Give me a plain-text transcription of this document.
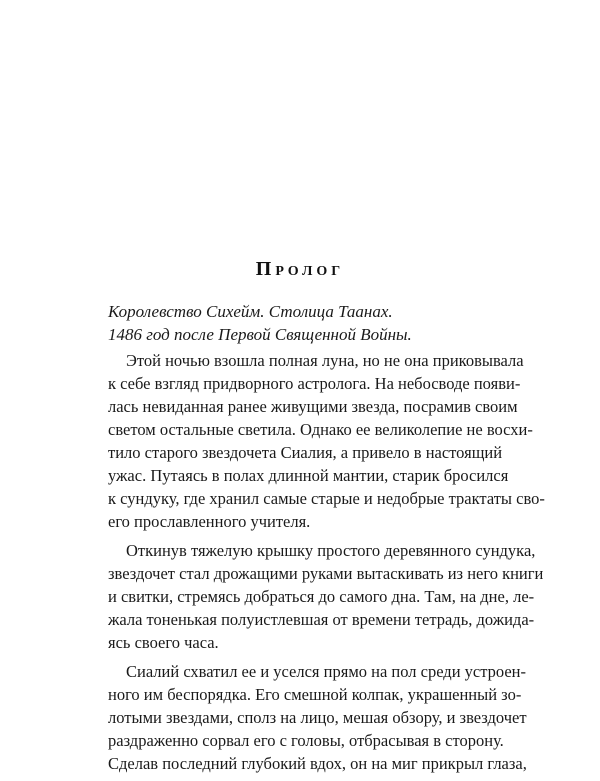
Пролог
Королевство Сихейм. Столица Таанах.
1486 год после Первой Священной Войны.
Этой ночью взошла полная луна, но не она приковывала
к себе взгляд придворного астролога. На небосводе появи-
лась невиданная ранее живущими звезда, посрамив своим
светом остальные светила. Однако ее великолепие не восхи-
тило старого звездочета Сиалия, а привело в настоящий
ужас. Путаясь в полах длинной мантии, старик бросился
к сундуку, где хранил самые старые и недобрые трактаты сво-
его прославленного учителя.
Откинув тяжелую крышку простого деревянного сундука,
звездочет стал дрожащими руками вытаскивать из него книги
и свитки, стремясь добраться до самого дна. Там, на дне, ле-
жала тоненькая полуистлевшая от времени тетрадь, дожида-
ясь своего часа.
Сиалий схватил ее и уселся прямо на пол среди устроен-
ного им беспорядка. Его смешной колпак, украшенный зо-
лотыми звездами, сполз на лицо, мешая обзору, и звездочет
раздраженно сорвал его с головы, отбрасывая в сторону.
Сделав последний глубокий вдох, он на миг прикрыл глаза,
